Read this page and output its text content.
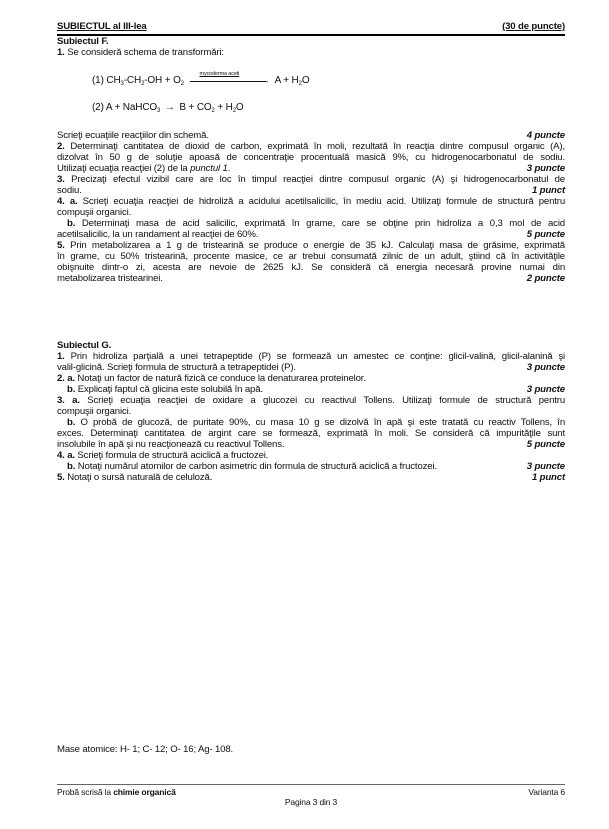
SUBIECTUL al III-lea	(30 de puncte)
Subiectul F.
1. Se consideră schema de transformări:
(1) $CH_3-CH_2-OH + O_2$
mycoderma aceti
→ $A + H_2O$
(2) A + NaHCO$_3$ → $B + CO_2 + H_2O$
Scrieţi ecuaţiile reacţiilor din schemă.	4 puncte
2. Determinaţi cantitatea de dioxid de carbon, exprimată în moli, rezultată în reacţia dintre compusul organic (A),
dizolvat în 50 g de soluţie apoasă de concentraţie procentuală masică 9%, cu hidrogenocarbonatul de sodiu.
Utilizaţi ecuaţia reacţiei (2) de la punctul 1.	3 puncte
3. Precizaţi efectul vizibil care are loc în timpul reacţiei dintre compusul organic (A) şi hidrogenocarbonatul de
sodiu.	1 punct
4. a. Scrieţi ecuaţia reacţiei de hidroliză a acidului acetilsalicilic, în mediu acid. Utilizaţi formule de structură pentru
compuşii organici.
b. Determinaţi masa de acid salicilic, exprimată în grame, care se obţine prin hidroliza a 0,3 mol de acid
acetilsalicilic, la un randament al reacţiei de 60%.	5 puncte
5. Prin metabolizarea a 1 g de tristearină se produce o energie de 35 kJ. Calculaţi masa de grăsime, exprimată
în grame, cu 50% tristearină, procente masice, ce ar trebui consumată zilnic de un adult, ştiind că în activităţile
obişnuite dintr-o zi, acesta are nevoie de 2625 kJ. Se consideră că energia necesară provine numai din
metabolizarea tristearinei.	2 puncte
Subiectul G.
1. Prin hidroliza parţială a unei tetrapeptide (P) se formează un amestec ce conţine: glicil-valină, glicil-alanină şi
valil-glicină. Scrieţi formula de structură a tetrapeptidei (P).	3 puncte
2. a. Notaţi un factor de natură fizică ce conduce la denaturarea proteinelor.
b. Explicaţi faptul că glicina este solubilă în apă.	3 puncte
3. a. Scrieţi ecuaţia reacţiei de oxidare a glucozei cu reactivul Tollens. Utilizaţi formule de structură pentru
compuşii organici.
b. O probă de glucoză, de puritate 90%, cu masa 10 g se dizolvă în apă şi este tratată cu reactiv Tollens, în
exces. Determinaţi cantitatea de argint care se formează, exprimată în moli. Se consideră că impurităţile sunt
insolubile în apă şi nu reacţionează cu reactivul Tollens.	5 puncte
4. a. Scrieţi formula de structură aciclică a fructozei.
b. Notaţi numărul atomilor de carbon asimetric din formula de structură aciclică a fructozei.	3 puncte
5. Notaţi o sursă naturală de celuloză.	1 punct
Mase atomice: H- 1; C- 12; O- 16; Ag- 108.
Probă scrisă la chimie organică	Varianta 6
Pagina 3 din 3
